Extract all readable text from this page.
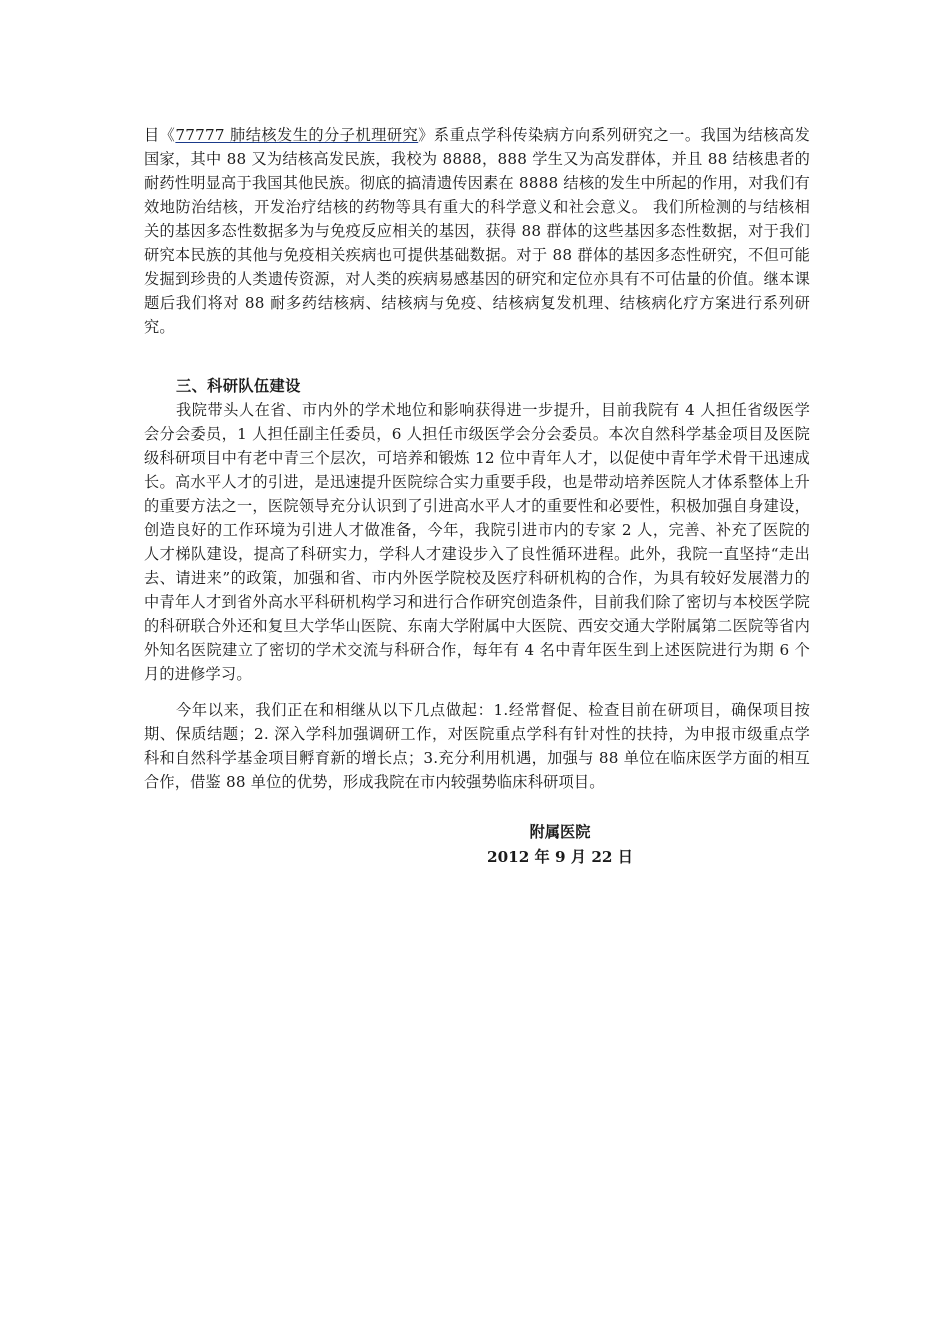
目《77777 肺结核发生的分子机理研究》系重点学科传染病方向系列研究之一。我国为结核高发国家，其中 88 又为结核高发民族，我校为 8888，888 学生又为高发群体，并且 88 结核患者的耐药性明显高于我国其他民族。彻底的搞清遗传因素在 8888 结核的发生中所起的作用，对我们有效地防治结核，开发治疗结核的药物等具有重大的科学意义和社会意义。 我们所检测的与结核相关的基因多态性数据多为与免疫反应相关的基因，获得 88 群体的这些基因多态性数据，对于我们研究本民族的其他与免疫相关疾病也可提供基础数据。对于 88 群体的基因多态性研究，不但可能发掘到珍贵的人类遗传资源，对人类的疾病易感基因的研究和定位亦具有不可估量的价值。继本课题后我们将对 88 耐多药结核病、结核病与免疫、结核病复发机理、结核病化疗方案进行系列研究。
三、科研队伍建设
我院带头人在省、市内外的学术地位和影响获得进一步提升，目前我院有 4 人担任省级医学会分会委员，1 人担任副主任委员，6 人担任市级医学会分会委员。本次自然科学基金项目及医院级科研项目中有老中青三个层次，可培养和锻炼 12 位中青年人才，以促使中青年学术骨干迅速成长。高水平人才的引进，是迅速提升医院综合实力重要手段，也是带动培养医院人才体系整体上升的重要方法之一，医院领导充分认识到了引进高水平人才的重要性和必要性，积极加强自身建设，创造良好的工作环境为引进人才做准备，今年，我院引进市内的专家 2 人，完善、补充了医院的人才梯队建设，提高了科研实力，学科人才建设步入了良性循环进程。此外，我院一直坚持“走出去、请进来”的政策，加强和省、市内外医学院校及医疗科研机构的合作，为具有较好发展潜力的中青年人才到省外高水平科研机构学习和进行合作研究创造条件，目前我们除了密切与本校医学院的科研联合外还和复旦大学华山医院、东南大学附属中大医院、西安交通大学附属第二医院等省内外知名医院建立了密切的学术交流与科研合作，每年有 4 名中青年医生到上述医院进行为期 6 个月的进修学习。
今年以来，我们正在和相继从以下几点做起：1.经常督促、检查目前在研项目，确保项目按期、保质结题；2. 深入学科加强调研工作，对医院重点学科有针对性的扶持，为申报市级重点学科和自然科学基金项目孵育新的增长点；3.充分利用机遇，加强与 88 单位在临床医学方面的相互合作，借鉴 88 单位的优势，形成我院在市内较强势临床科研项目。
附属医院
2012 年 9 月 22 日
